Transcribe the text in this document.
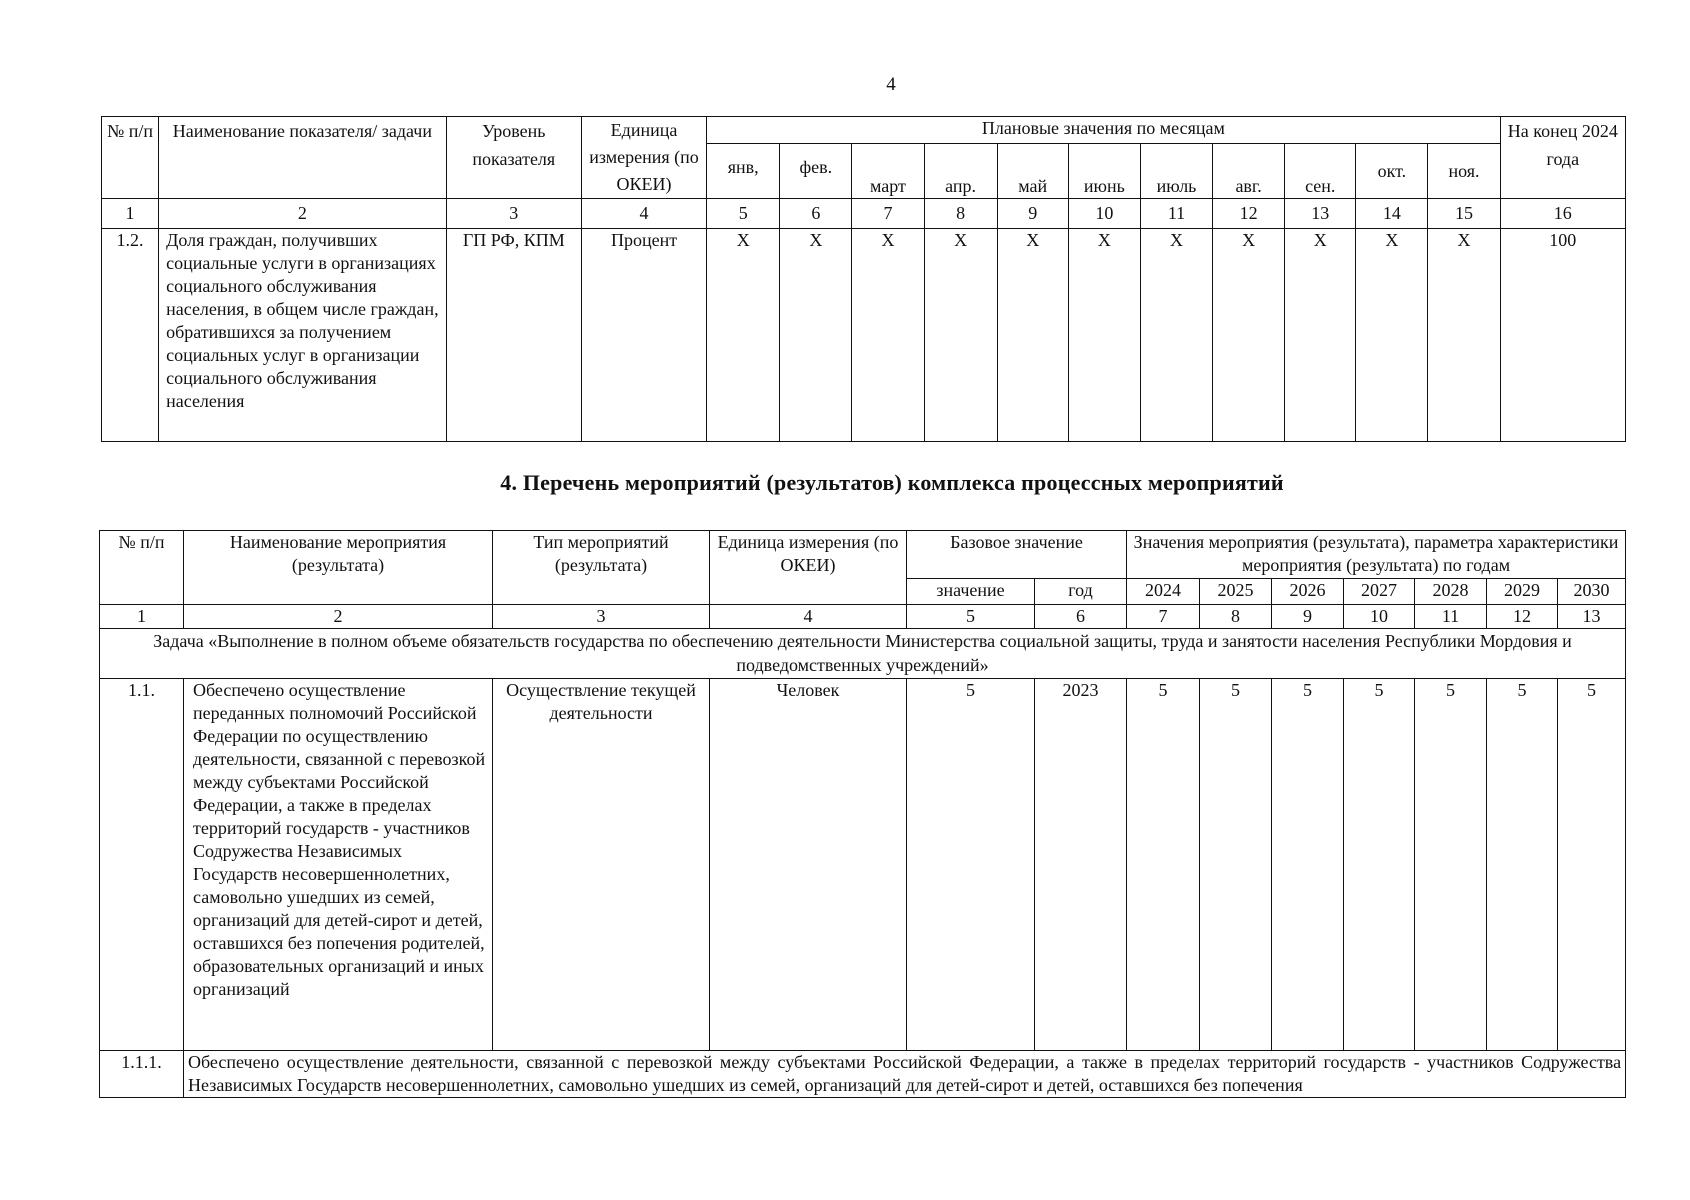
4
№ п/п	Наименование показателя/ задачи	Уровень показателя	Единица измерения (по ОКЕИ)	Плановые значения по месяцам											На конец 2024 года
				янв,	фев.	март	апр.	май	июнь	июль	авг.	сен.	окт.	ноя.	
1	2	3	4	5	6	7	8	9	10	11	12	13	14	15	16
1.2.	Доля граждан, получивших социальные услуги в организациях социального обслуживания населения, в общем числе граждан, обратившихся за получением социальных услуг в организации социального обслуживания населения	ГП РФ, КПМ	Процент	Х	Х	Х	Х	Х	Х	Х	Х	Х	Х	Х	100
4. Перечень мероприятий (результатов) комплекса процессных мероприятий
№ п/п	Наименование мероприятия (результата)	Тип мероприятий (результата)	Единица измерения (по ОКЕИ)	Базовое значение		Значения мероприятия (результата), параметра характеристики мероприятия (результата) по годам						
				значение	год	2024	2025	2026	2027	2028	2029	2030
1	2	3	4	5	6	7	8	9	10	11	12	13
Задача «Выполнение в полном объеме обязательств государства по обеспечению деятельности Министерства социальной защиты, труда и занятости населения Республики Мордовия и подведомственных учреждений»												
1.1.	Обеспечено осуществление переданных полномочий Российской Федерации по осуществлению деятельности, связанной с перевозкой между субъектами Российской Федерации, а также в пределах территорий государств - участников Содружества Независимых Государств несовершеннолетних, самовольно ушедших из семей, организаций для детей-сирот и детей, оставшихся без попечения родителей, образовательных организаций и иных организаций	Осуществление текущей деятельности	Человек	5	2023	5	5	5	5	5	5	5
1.1.1.	Обеспечено осуществление деятельности, связанной с перевозкой между субъектами Российской Федерации, а также в пределах территорий государств - участников Содружества Независимых Государств несовершеннолетних, самовольно ушедших из семей, организаций для детей-сирот и детей, оставшихся без попечения											
